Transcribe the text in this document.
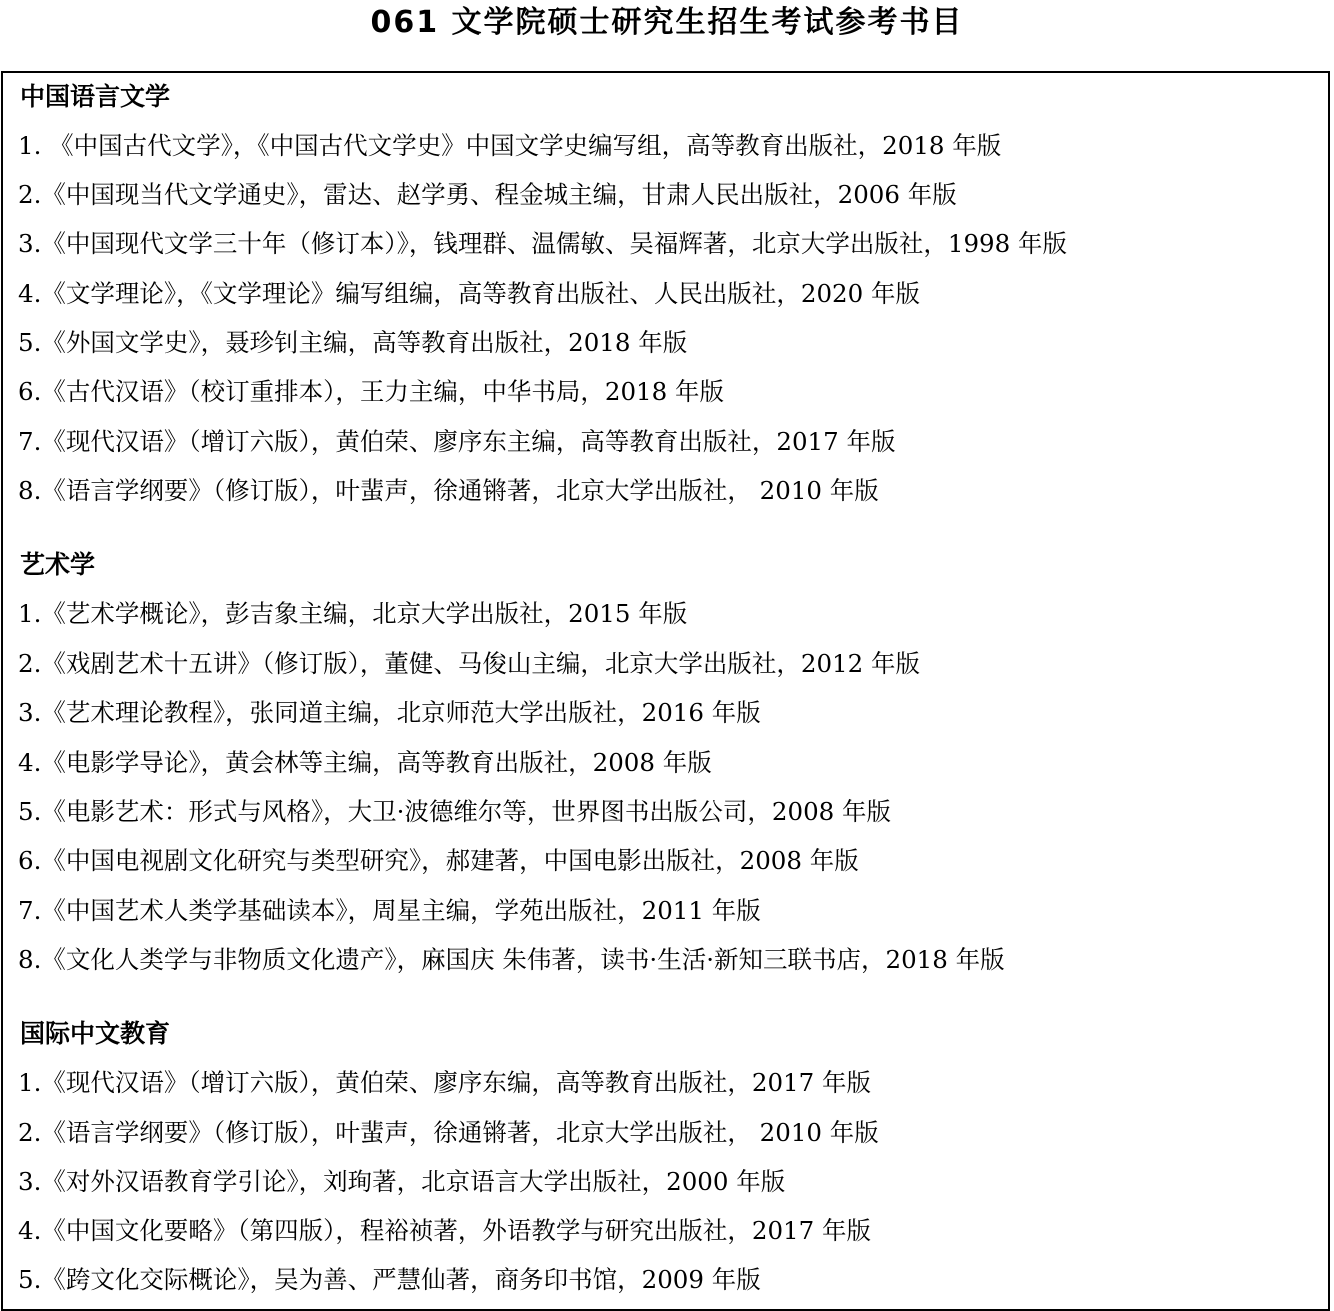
061 文学院硕士研究生招生考试参考书目
中国语言文学
1. 《中国古代文学》，《中国古代文学史》中国文学史编写组，高等教育出版社，2018 年版
2.《中国现当代文学通史》，雷达、赵学勇、程金城主编，甘肃人民出版社，2006 年版
3.《中国现代文学三十年（修订本）》，钱理群、温儒敏、吴福辉著，北京大学出版社，1998 年版
4.《文学理论》，《文学理论》编写组编，高等教育出版社、人民出版社，2020 年版
5.《外国文学史》，聂珍钊主编，高等教育出版社，2018 年版
6.《古代汉语》（校订重排本），王力主编，中华书局，2018 年版
7.《现代汉语》（增订六版），黄伯荣、廖序东主编，高等教育出版社，2017 年版
8.《语言学纲要》（修订版），叶蜚声，徐通锵著，北京大学出版社， 2010 年版
艺术学
1.《艺术学概论》，彭吉象主编，北京大学出版社，2015 年版
2.《戏剧艺术十五讲》（修订版），董健、马俊山主编，北京大学出版社，2012 年版
3.《艺术理论教程》，张同道主编，北京师范大学出版社，2016 年版
4.《电影学导论》，黄会林等主编，高等教育出版社，2008 年版
5.《电影艺术：形式与风格》，大卫·波德维尔等，世界图书出版公司，2008 年版
6.《中国电视剧文化研究与类型研究》，郝建著，中国电影出版社，2008 年版
7.《中国艺术人类学基础读本》，周星主编，学苑出版社，2011 年版
8.《文化人类学与非物质文化遗产》，麻国庆 朱伟著，读书·生活·新知三联书店，2018 年版
国际中文教育
1.《现代汉语》（增订六版），黄伯荣、廖序东编，高等教育出版社，2017 年版
2.《语言学纲要》（修订版），叶蜚声，徐通锵著，北京大学出版社， 2010 年版
3.《对外汉语教育学引论》，刘珣著，北京语言大学出版社，2000 年版
4.《中国文化要略》（第四版），程裕祯著，外语教学与研究出版社，2017 年版
5.《跨文化交际概论》，吴为善、严慧仙著，商务印书馆，2009 年版
